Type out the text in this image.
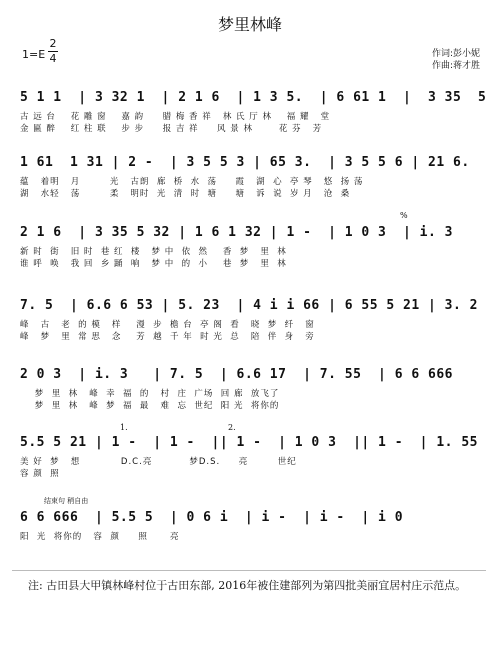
梦里林峰
1=E
2
4	作词:彭小妮
作曲:蒋才胜
5 1 1  | 3 32 1  | 2 1 6  | 1 3 5.  | 6 61 1  |  3 35  5
古 远 台    花 雕 窗    嘉 韵     腊 梅 香 祥   林 氏 厅 林    福 耀   堂
金 匾 醉    红 柱 联    步 步     报 吉 祥     风 景 林       花 芬   芳
1 61  1 31 | 2 -  | 3 5 5 3 | 65 3.  | 3 5 5 6 | 21 6.
蕴   着明   月        光   古朗  廊  桥  水  荡     霞   湖  心  亭 琴   悠  扬 荡
湖   水轻   荡        柔   明时  光  清  时  塘     塘   诉  说  岁 月   沧  桑
2 1 6  | 3 35 5 32 | 1 6 1 32 | 1 -  | 1 0 3  | i. 3
新 时  街   旧 时  巷 红  楼   梦 中  依  然    香  梦   里  林
谁 呼  唤   我 回  乡 踊  响   梦 中  的  小    巷  梦   里  林
%
7. 5  | 6.6 6 53 | 5. 23  | 4 i i 66 | 6 55 5 21 | 3. 2
峰   古   老  的 模   样    漫  步  檐 台  亭 阁  看   晓  梦  纤   窗
峰   梦   里  常 思   念    芳  越  千 年  时 光  总   陪  伴  身   旁
2 0 3  | i. 3   | 7. 5  | 6.6 17  | 7. 55  | 6 6 666
梦  里  林   峰  幸  福  的   村  庄  广场  回 廊  放飞了
梦  里  林   峰  梦  福  最   难  忘  世纪  阳 光  将你的
1.	2.
5.5 5 21 | 1 -  | 1 -  || 1 -  | 1 0 3  || 1 -  | 1. 55
美 好  梦   想           D.C.亮          梦D.S.     亮        世纪
容 颜  照
结束句 稍自由
6 6 666  | 5.5 5  | 0 6 i  | i -  | i -  | i 0
阳  光  将你的   容  颜     照      亮
注: 古田县大甲镇林峰村位于古田东部, 2016年被住建部列为第四批美丽宜居村庄示范点。
